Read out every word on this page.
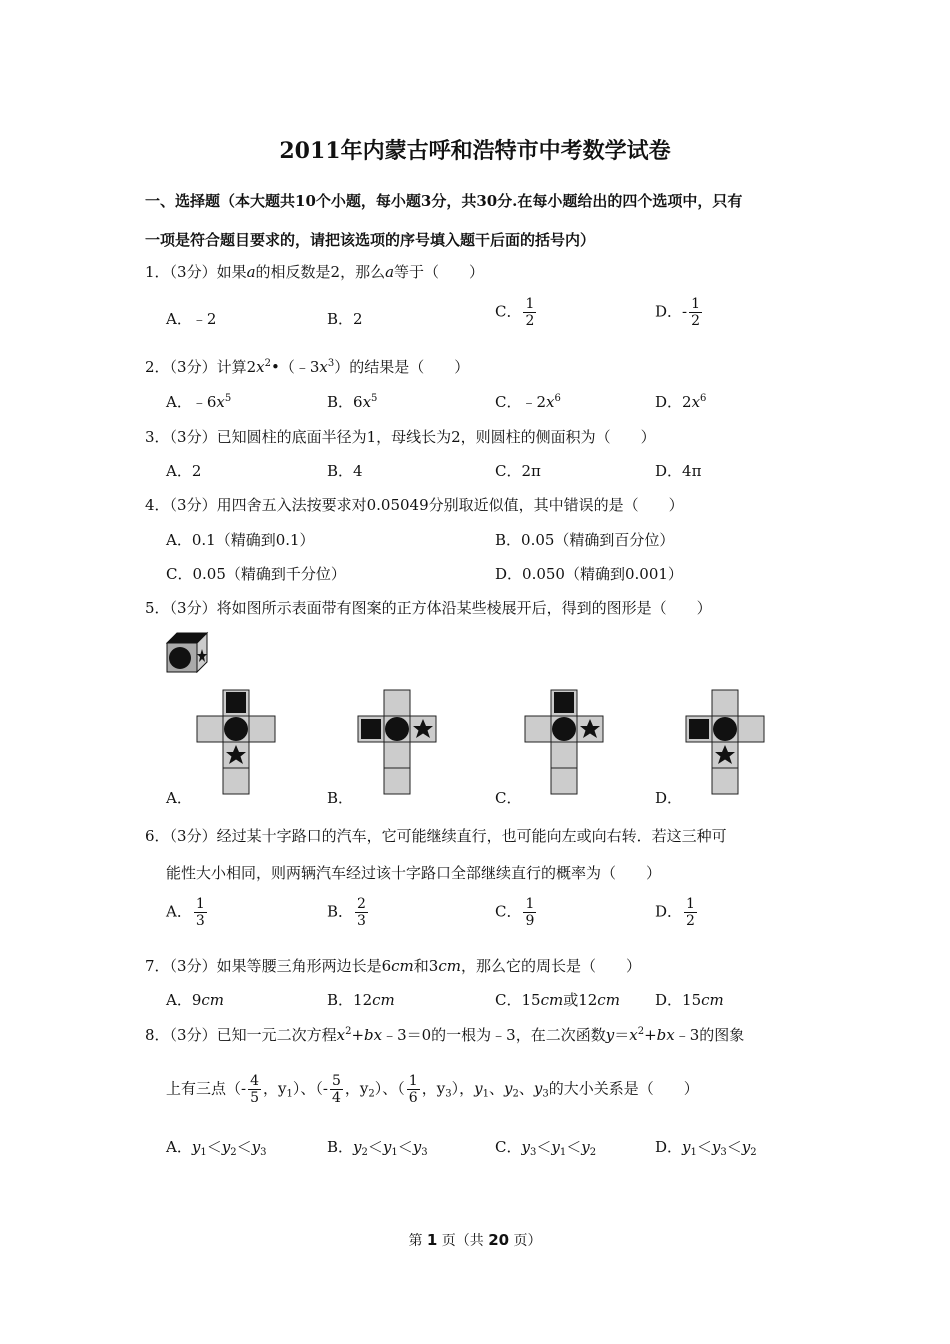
2011年内蒙古呼和浩特市中考数学试卷
一、选择题（本大题共10个小题，每小题3分，共30分.在每小题给出的四个选项中，只有
一项是符合题目要求的，请把该选项的序号填入题干后面的括号内）
1．（3分）如果a的相反数是2，那么a等于（　　）
A．﹣2	B．2	C． $\frac{1}{2}$	D．- $\frac{1}{2}$
2．（3分）计算$2x^2•(﹣3x^3)$的结果是（　　）
A．$﹣6x^5$	B．$6x^5$	C．$﹣2x^6$	D．$2x^6$
3．（3分）已知圆柱的底面半径为1，母线长为2，则圆柱的侧面积为（　　）
A．2	B．4	C．2π	D．4π
4．（3分）用四舍五入法按要求对0.05049分别取近似值，其中错误的是（　　）
A．0.1（精确到0.1）	B．0.05（精确到百分位）
C．0.05（精确到千分位）	D．0.050（精确到0.001）
5．（3分）将如图所示表面带有图案的正方体沿某些棱展开后，得到的图形是（　　）
A．	B．	C．	D．
6．（3分）经过某十字路口的汽车，它可能继续直行，也可能向左或向右转．若这三种可
能性大小相同，则两辆汽车经过该十字路口全部继续直行的概率为（　　）
A． $\frac{1}{3}$	B． $\frac{2}{3}$	C． $\frac{1}{9}$	D． $\frac{1}{2}$
7．（3分）如果等腰三角形两边长是6cm和3cm，那么它的周长是（　　）
A．9cm	B．12cm	C．15cm或12cm D．15cm
8．（3分）已知一元二次方程$x^2+bx﹣3=0$的一根为﹣3，在二次函数$y=x^2+bx﹣3$的图象
上有三点（- $\frac{4}{5}$ ，$y_1$）、（- $\frac{5}{4}$ ，$y_2$）、（ $\frac{1}{6}$ ，$y_3$），$y_1$、$y_2$、$y_3$的大小关系是（　　）
A．$y_1<y_2<y_3$	B．$y_2<y_1<y_3$	C．$y_3<y_1<y_2$	D．$y_1<y_3<y_2$
第 1 页（共 20 页）
